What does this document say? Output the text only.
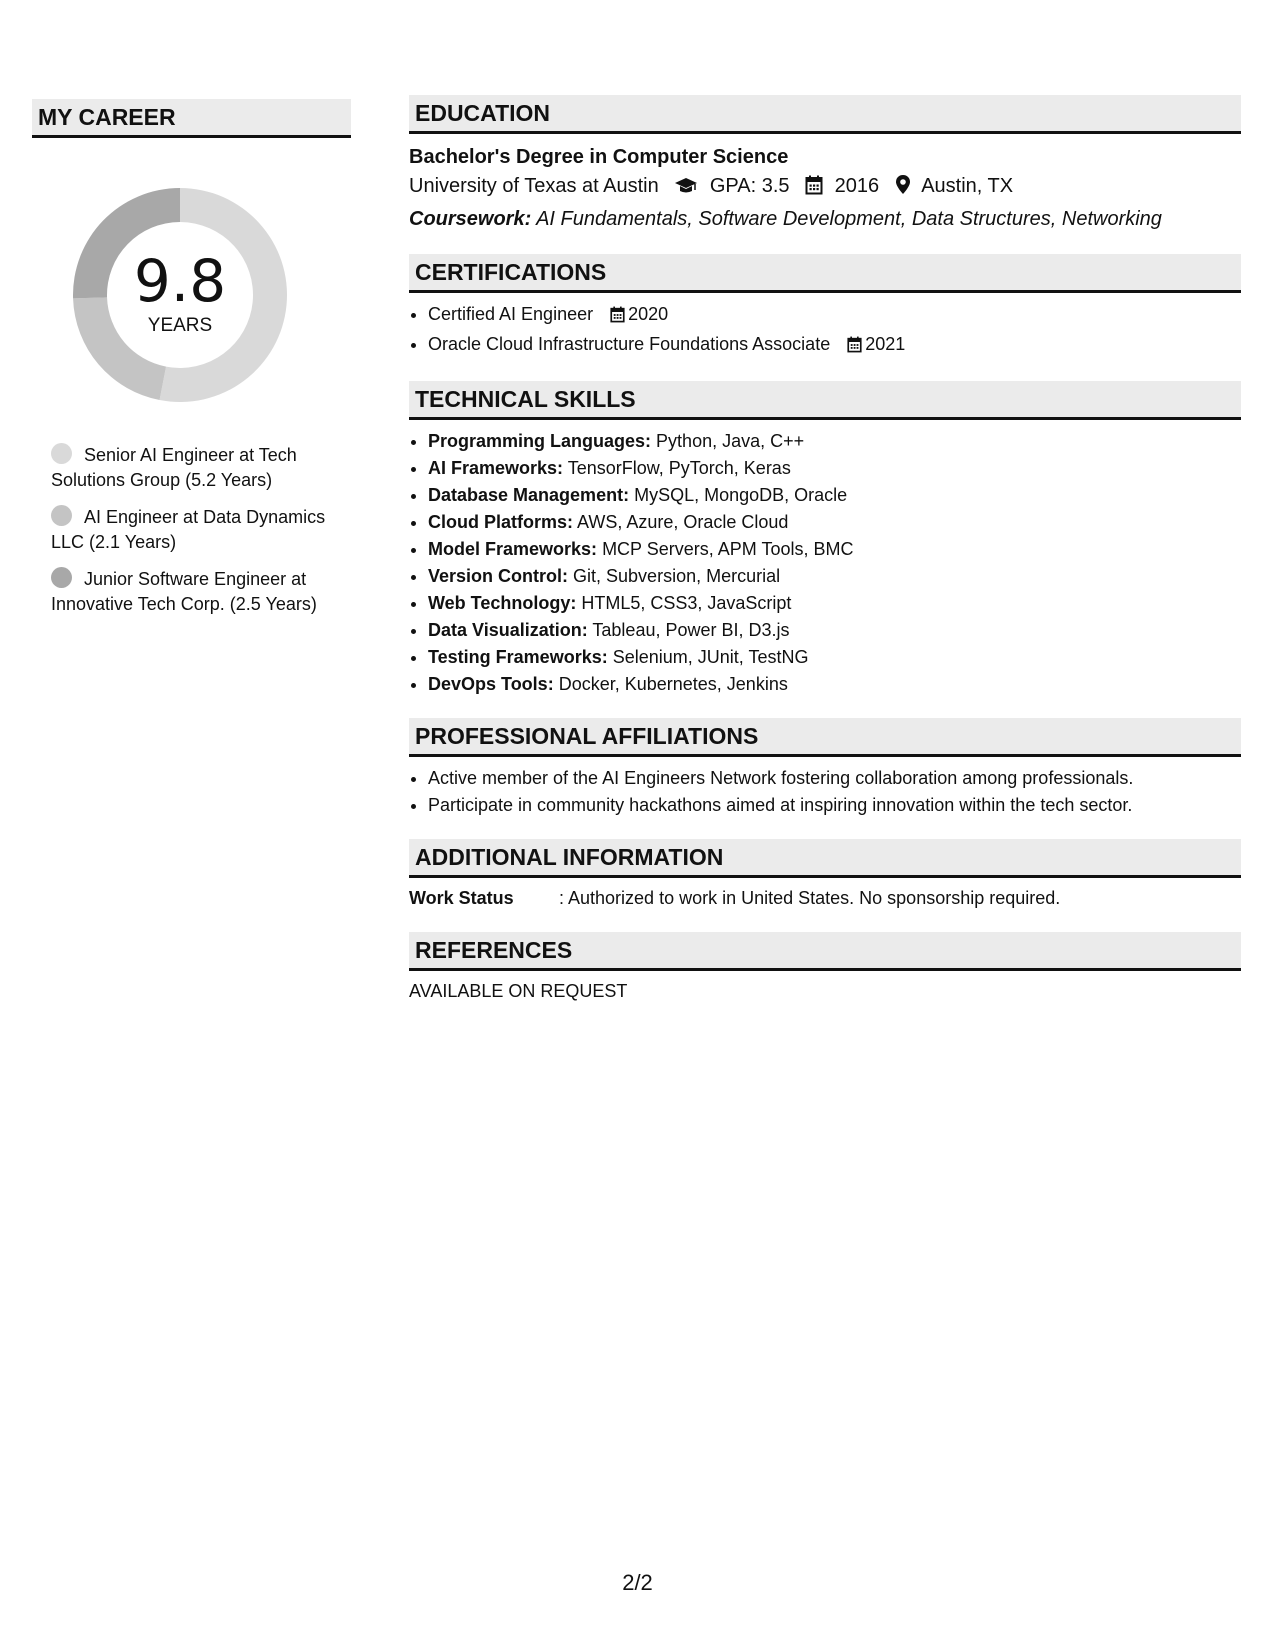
MY CAREER
9.8
YEARS
Senior AI Engineer at Tech Solutions Group (5.2 Years)
AI Engineer at Data Dynamics LLC (2.1 Years)
Junior Software Engineer at Innovative Tech Corp. (2.5 Years)
EDUCATION
Bachelor's Degree in Computer Science
University of Texas at Austin	GPA: 3.5 2016 Austin, TX
Coursework: AI Fundamentals, Software Development, Data Structures, Networking
CERTIFICATIONS
• Certified AI Engineer 2020
• Oracle Cloud Infrastructure Foundations Associate 2021
TECHNICAL SKILLS
• Programming Languages: Python, Java, C++
• AI Frameworks: TensorFlow, PyTorch, Keras
• Database Management: MySQL, MongoDB, Oracle
• Cloud Platforms: AWS, Azure, Oracle Cloud
• Model Frameworks: MCP Servers, APM Tools, BMC
• Version Control: Git, Subversion, Mercurial
• Web Technology: HTML5, CSS3, JavaScript
• Data Visualization: Tableau, Power BI, D3.js
• Testing Frameworks: Selenium, JUnit, TestNG
• DevOps Tools: Docker, Kubernetes, Jenkins
PROFESSIONAL AFFILIATIONS
• Active member of the AI Engineers Network fostering collaboration among professionals.
• Participate in community hackathons aimed at inspiring innovation within the tech sector.
ADDITIONAL INFORMATION
Work Status	: Authorized to work in United States. No sponsorship required.
REFERENCES
AVAILABLE ON REQUEST
2/2
